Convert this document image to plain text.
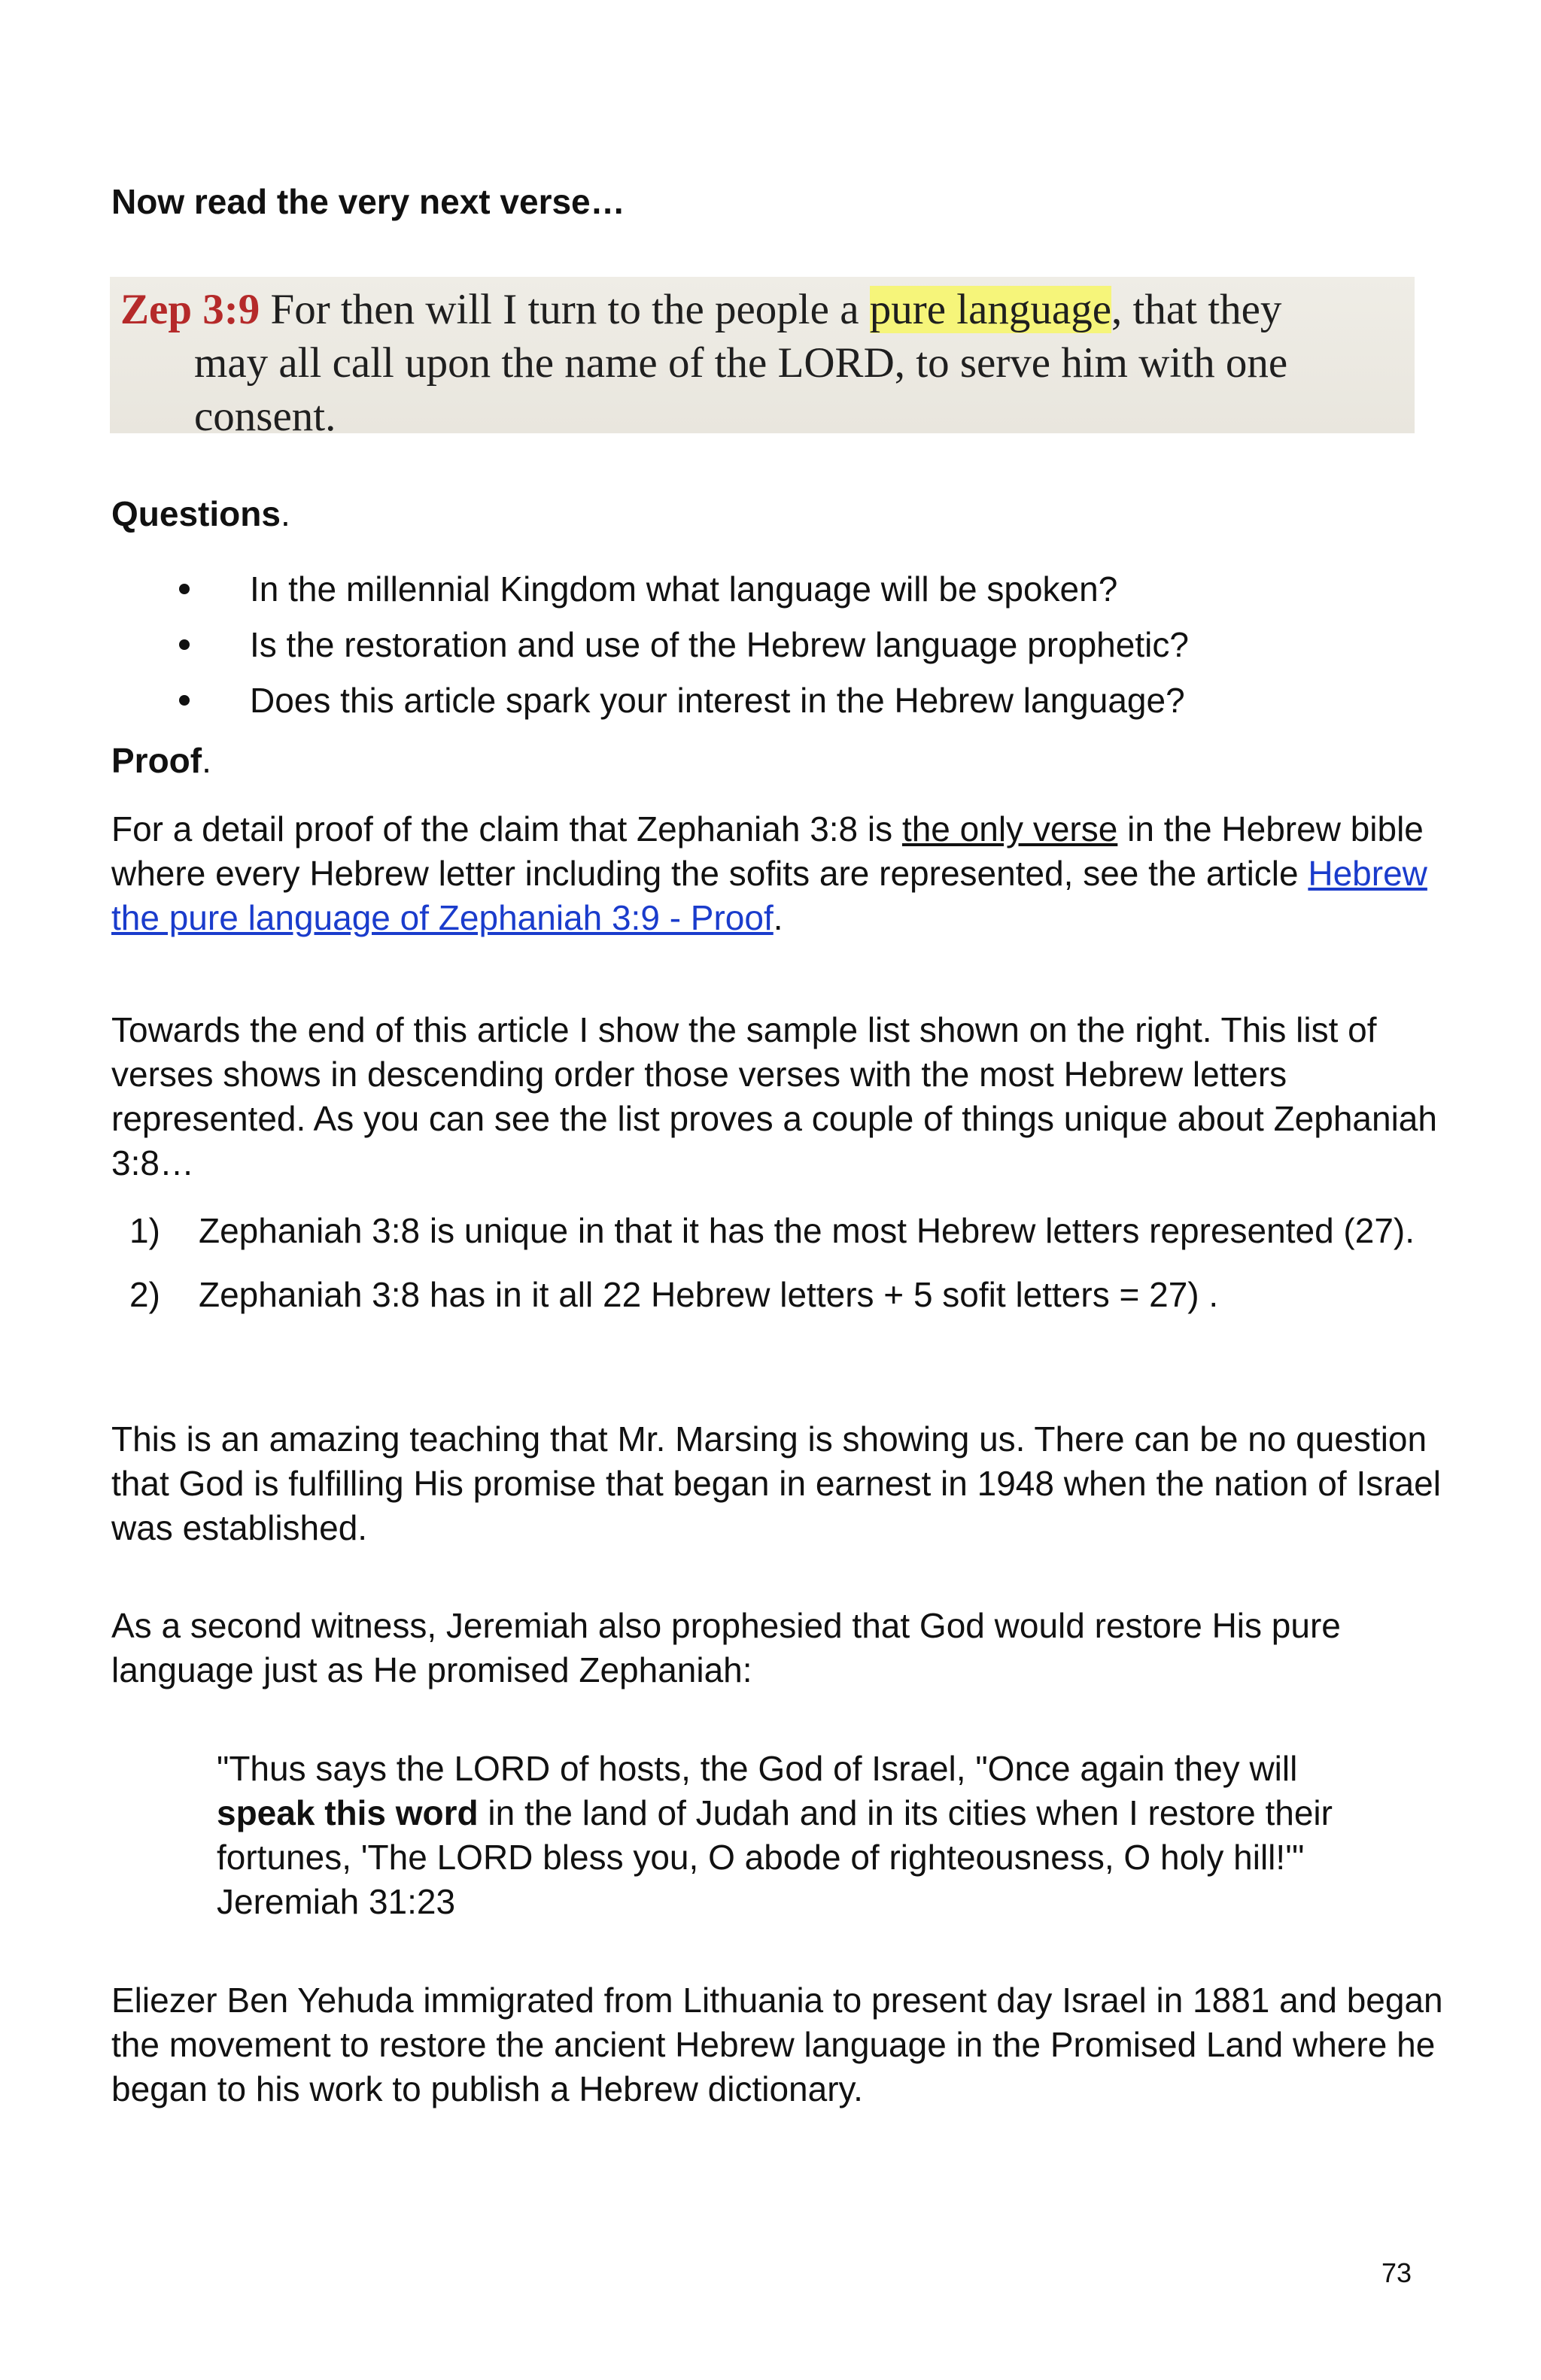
Now read the very next verse…

Zep 3:9 For then will I turn to the people a pure language, that they
may all call upon the name of the LORD, to serve him with one
consent.

Questions.

In the millennial Kingdom what language will be spoken?
Is the restoration and use of the Hebrew language prophetic?
Does this article spark your interest in the Hebrew language?

Proof.

For a detail proof of the claim that Zephaniah 3:8 is the only verse in the Hebrew bible where every Hebrew letter including the sofits are represented, see the article Hebrew the pure language of Zephaniah 3:9 - Proof.

Towards the end of this article I show the sample list shown on the right. This list of verses shows in descending order those verses with the most Hebrew letters represented. As you can see the list proves a couple of things unique about Zephaniah 3:8…

1) Zephaniah 3:8 is unique in that it has the most Hebrew letters represented (27).
2) Zephaniah 3:8 has in it all 22 Hebrew letters + 5 sofit letters = 27) .

This is an amazing teaching that Mr. Marsing is showing us. There can be no question that God is fulfilling His promise that began in earnest in 1948 when the nation of Israel was established.

As a second witness, Jeremiah also prophesied that God would restore His pure language just as He promised Zephaniah:

"Thus says the LORD of hosts, the God of Israel, "Once again they will speak this word in the land of Judah and in its cities when I restore their fortunes, 'The LORD bless you, O abode of righteousness, O holy hill!'" Jeremiah 31:23

Eliezer Ben Yehuda immigrated from Lithuania to present day Israel in 1881 and began the movement to restore the ancient Hebrew language in the Promised Land where he began to his work to publish a Hebrew dictionary.

73
